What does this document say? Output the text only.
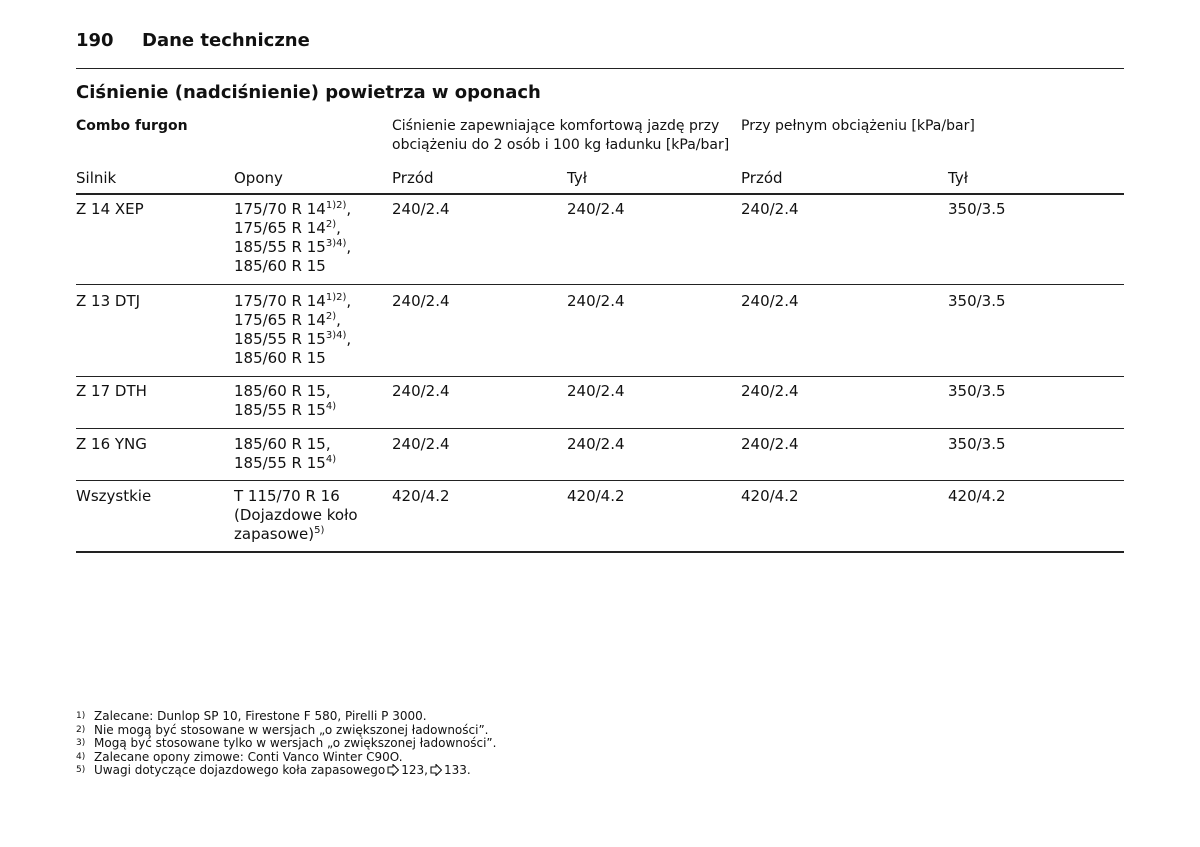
190 Dane techniczne
Ciśnienie (nadciśnienie) powietrza w oponach
Combo furgon	Ciśnienie zapewniające komfortową jazdę przy
obciążeniu do 2 osób i 100 kg ładunku [kPa/bar]
Przy pełnym obciążeniu [kPa/bar]
Silnik	Opony	Przód	Tył	Przód	Tył
Z 14 XEP	175/70 R $14^{1)2)}$,
175/65 R 14$^{2)}$,
185/55 R $15^{3)4)}$,
185/60 R 15
240/2.4	240/2.4	240/2.4	350/3.5
Z 13 DTJ	175/70 R $14^{1)2)}$,
175/65 R 14$^{2)}$,
185/55 R $15^{3)4)}$,
185/60 R 15
240/2.4	240/2.4	240/2.4	350/3.5
Z 17 DTH	185/60 R 15,
185/55 R 15$^{4)}$
240/2.4	240/2.4	240/2.4	350/3.5
Z 16 YNG	185/60 R 15,
185/55 R 15$^{4)}$
240/2.4	240/2.4	240/2.4	350/3.5
Wszystkie	T 115/70 R 16
(Dojazdowe koło
zapasowe)$^{5)}$
420/4.2	420/4.2	420/4.2	420/4.2
1) Zalecane: Dunlop SP 10, Firestone F 580, Pirelli P 3000.
2) Nie mogą być stosowane w wersjach „o zwiększonej ładowności”.
3) Mogą być stosowane tylko w wersjach „o zwiększonej ładowności”.
4) Zalecane opony zimowe: Conti Vanco Winter C90O.
5) Uwagi dotyczące dojazdowego koła zapasowego 123, 133.
